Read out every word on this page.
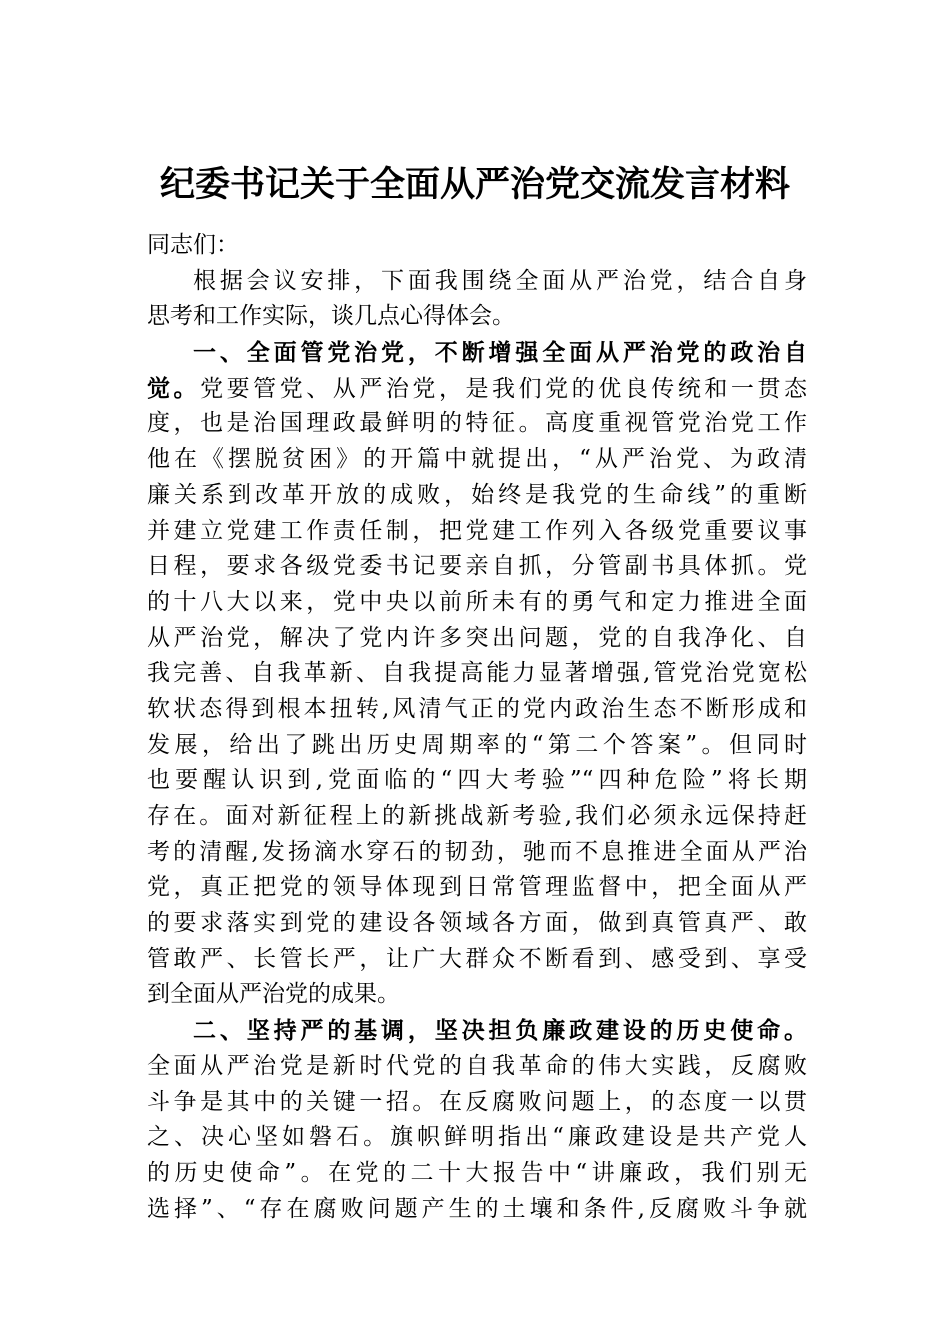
纪委书记关于全面从严治党交流发言材料
同志们：
根据会议安排，下面我围绕全面从严治党，结合自身
思考和工作实际，谈几点心得体会。
一、全面管党治党，不断增强全面从严治党的政治自
觉。党要管党、从严治党，是我们党的优良传统和一贯态
度，也是治国理政最鲜明的特征。高度重视管党治党工作
他在《摆脱贫困》的开篇中就提出，“从严治党、为政清
廉关系到改革开放的成败，始终是我党的生命线”的重断
并建立党建工作责任制，把党建工作列入各级党重要议事
日程，要求各级党委书记要亲自抓，分管副书具体抓。党
的十八大以来，党中央以前所未有的勇气和定力推进全面
从严治党，解决了党内许多突出问题，党的自我净化、自
我完善、自我革新、自我提高能力显著增强,管党治党宽松
软状态得到根本扭转,风清气正的党内政治生态不断形成和
发展，给出了跳出历史周期率的“第二个答案”。但同时
也要醒认识到,党面临的“四大考验”“四种危险”将长期
存在。面对新征程上的新挑战新考验,我们必须永远保持赶
考的清醒,发扬滴水穿石的韧劲，驰而不息推进全面从严治
党，真正把党的领导体现到日常管理监督中，把全面从严
的要求落实到党的建设各领域各方面，做到真管真严、敢
管敢严、长管长严，让广大群众不断看到、感受到、享受
到全面从严治党的成果。
二、坚持严的基调，坚决担负廉政建设的历史使命。
全面从严治党是新时代党的自我革命的伟大实践，反腐败
斗争是其中的关键一招。在反腐败问题上，的态度一以贯
之、决心坚如磐石。旗帜鲜明指出“廉政建设是共产党人
的历史使命”。在党的二十大报告中“讲廉政，我们别无
选择”、“存在腐败问题产生的土壤和条件,反腐败斗争就
